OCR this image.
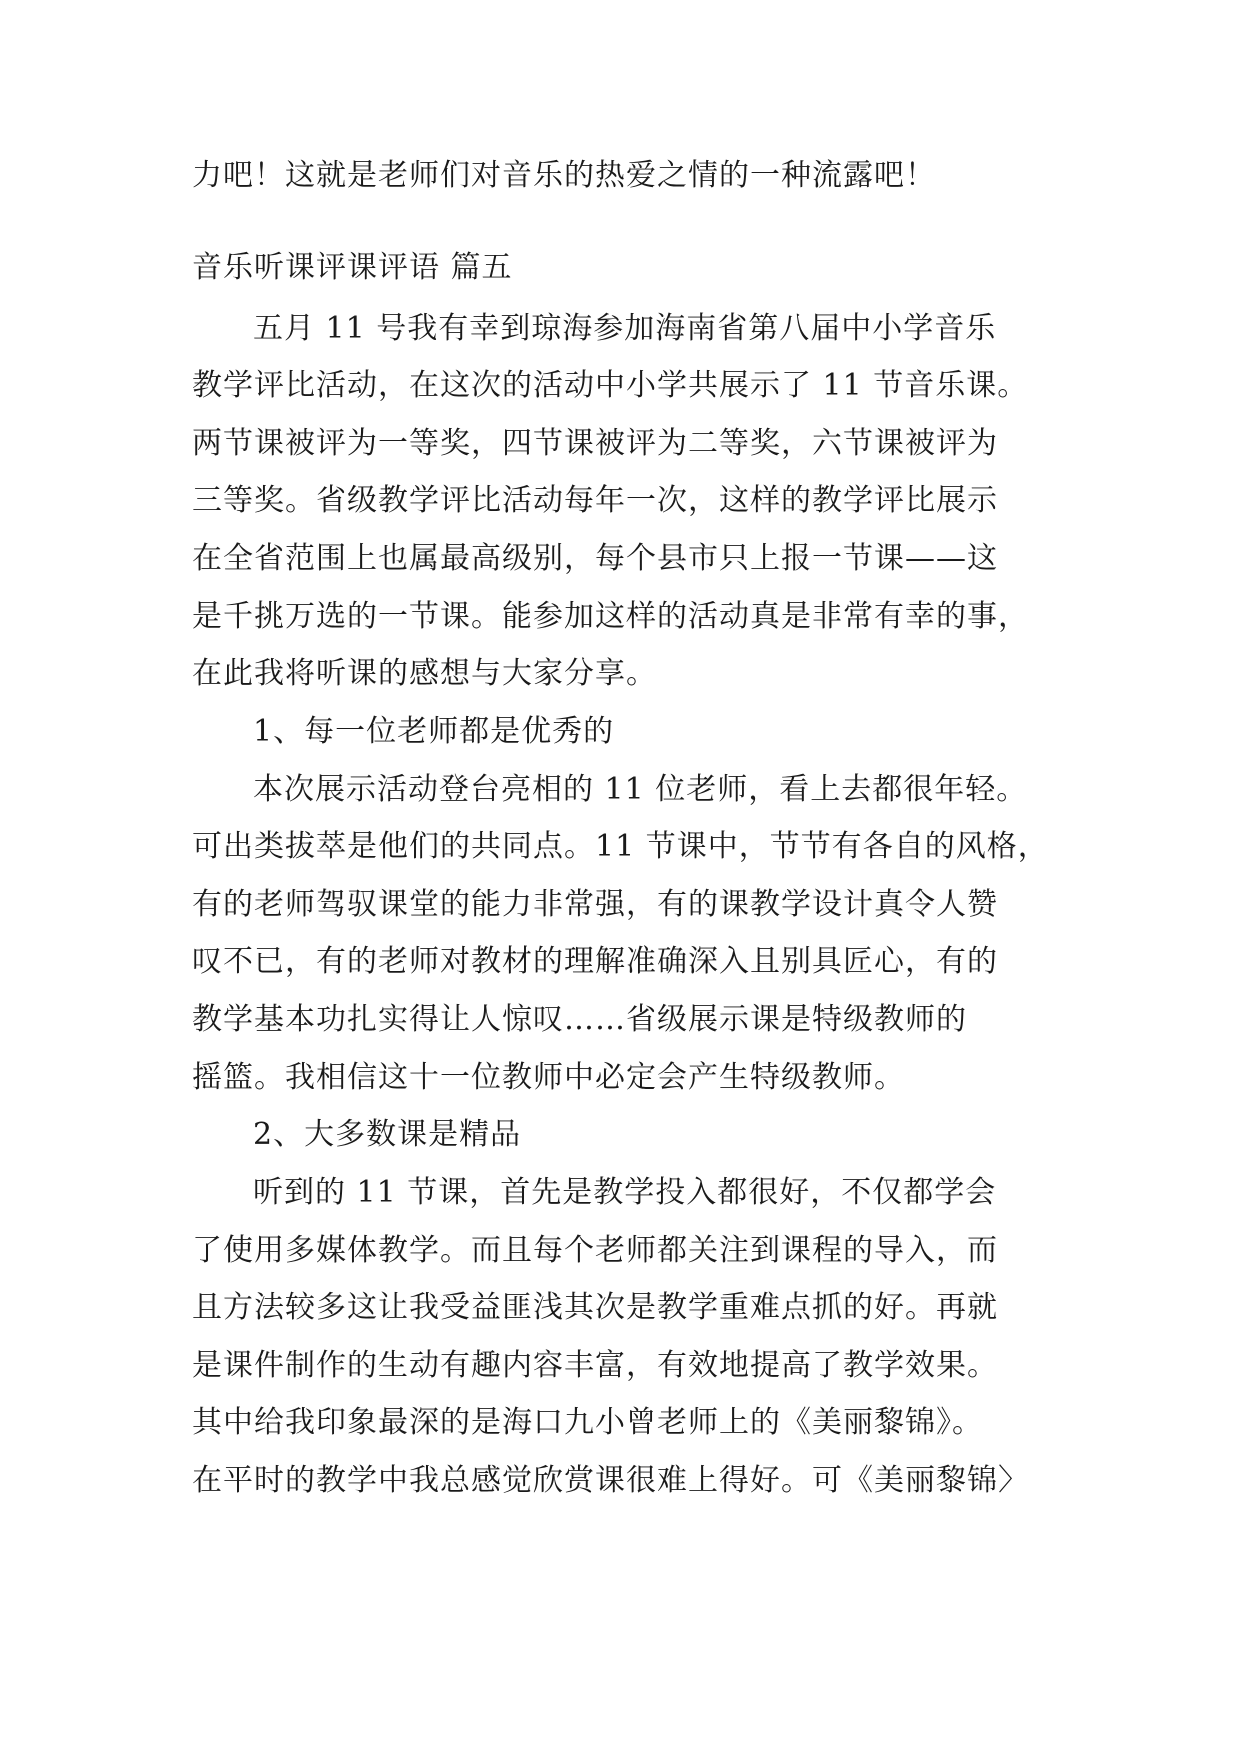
力吧！这就是老师们对音乐的热爱之情的一种流露吧！
音乐听课评课评语 篇五
五月 11 号我有幸到琼海参加海南省第八届中小学音乐
教学评比活动，在这次的活动中小学共展示了 11 节音乐课。
两节课被评为一等奖，四节课被评为二等奖，六节课被评为
三等奖。省级教学评比活动每年一次，这样的教学评比展示
在全省范围上也属最高级别，每个县市只上报一节课——这
是千挑万选的一节课。能参加这样的活动真是非常有幸的事，
在此我将听课的感想与大家分享。
1、每一位老师都是优秀的
本次展示活动登台亮相的 11 位老师，看上去都很年轻。
可出类拔萃是他们的共同点。11 节课中，节节有各自的风格，
有的老师驾驭课堂的能力非常强，有的课教学设计真令人赞
叹不已，有的老师对教材的理解准确深入且别具匠心，有的
教学基本功扎实得让人惊叹……省级展示课是特级教师的
摇篮。我相信这十一位教师中必定会产生特级教师。
2、大多数课是精品
听到的 11 节课，首先是教学投入都很好，不仅都学会
了使用多媒体教学。而且每个老师都关注到课程的导入，而
且方法较多这让我受益匪浅其次是教学重难点抓的好。再就
是课件制作的生动有趣内容丰富，有效地提高了教学效果。
其中给我印象最深的是海口九小曾老师上的《美丽黎锦》。
在平时的教学中我总感觉欣赏课很难上得好。可《美丽黎锦〉
